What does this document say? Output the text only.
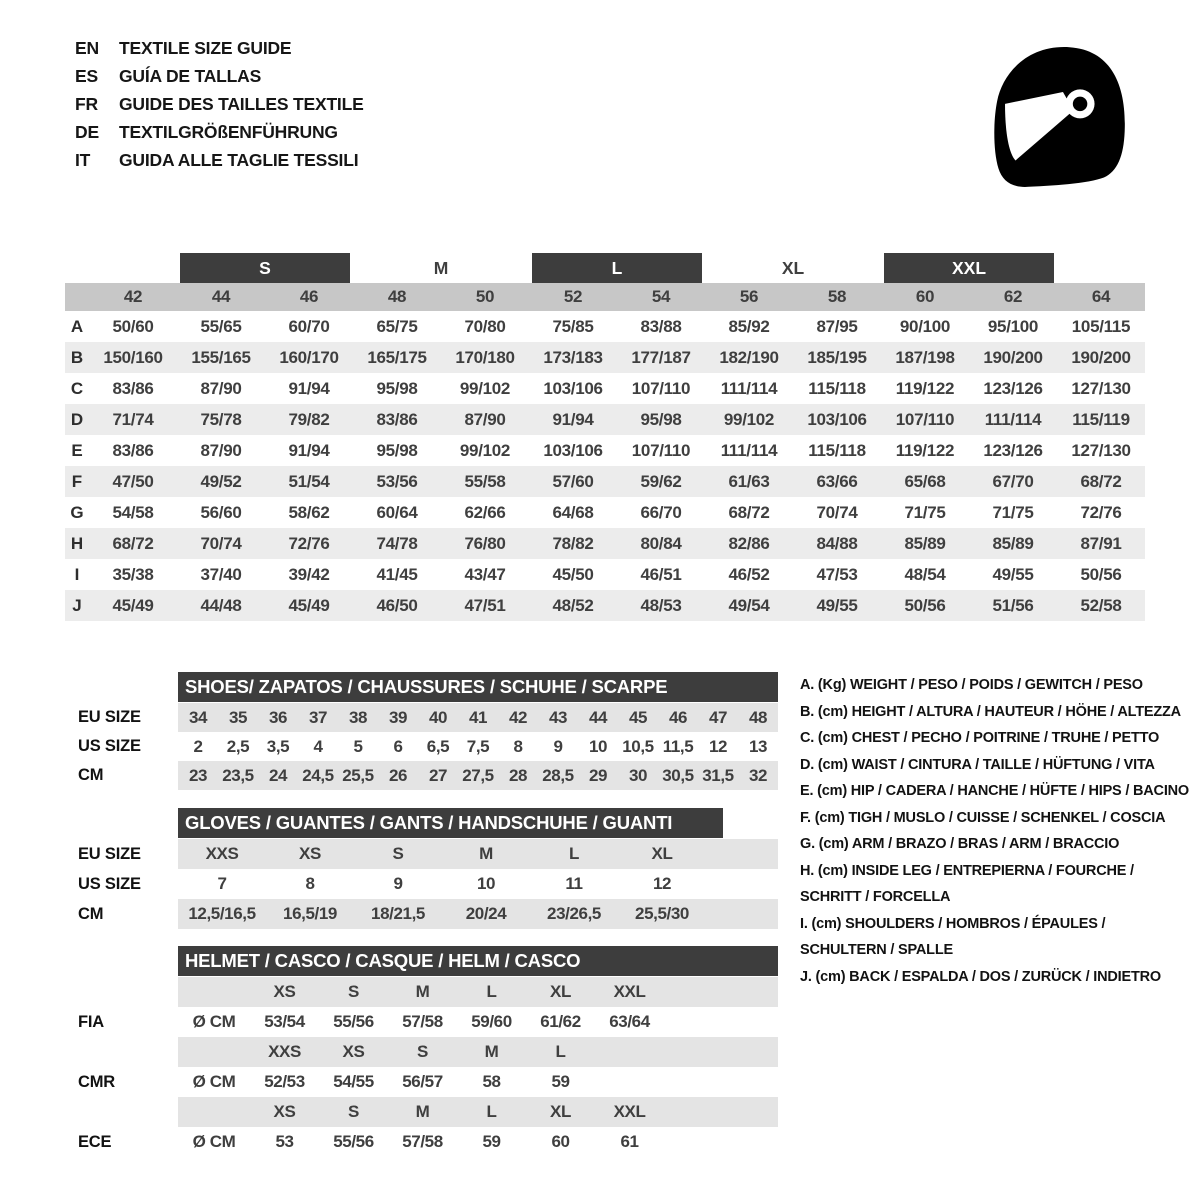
EN	TEXTILE SIZE GUIDE
ES	GUÍA DE TALLAS
FR	GUIDE DES TAILLES TEXTILE
DE	TEXTILGRÖßENFÜHRUNG
IT	GUIDA ALLE TAGLIE TESSILI
S	M	L	XL	XXL
42	44	46	48	50	52	54	56	58	60	62	64
A	50/60	55/65	60/70	65/75	70/80	75/85	83/88	85/92	87/95	90/100	95/100	105/115
B	150/160	155/165	160/170	165/175	170/180	173/183	177/187	182/190	185/195	187/198	190/200	190/200
C	83/86	87/90	91/94	95/98	99/102	103/106	107/110	111/114	115/118	119/122	123/126	127/130
D	71/74	75/78	79/82	83/86	87/90	91/94	95/98	99/102	103/106	107/110	111/114	115/119
E	83/86	87/90	91/94	95/98	99/102	103/106	107/110	111/114	115/118	119/122	123/126	127/130
F	47/50	49/52	51/54	53/56	55/58	57/60	59/62	61/63	63/66	65/68	67/70	68/72
G	54/58	56/60	58/62	60/64	62/66	64/68	66/70	68/72	70/74	71/75	71/75	72/76
H	68/72	70/74	72/76	74/78	76/80	78/82	80/84	82/86	84/88	85/89	85/89	87/91
I	35/38	37/40	39/42	41/45	43/47	45/50	46/51	46/52	47/53	48/54	49/55	50/56
J	45/49	44/48	45/49	46/50	47/51	48/52	48/53	49/54	49/55	50/56	51/56	52/58
SHOES/ ZAPATOS / CHAUSSURES / SCHUHE / SCARPE
EU SIZE	34	35	36	37	38	39	40	41	42	43	44	45	46	47	48
US SIZE	2	2,5	3,5	4	5	6	6,5	7,5	8	9	10 10,5 11,5 12	13
CM	23 23,5 24 24,5 25,5 26	27 27,5 28 28,5 29	30 30,5 31,5 32
GLOVES / GUANTES / GANTS / HANDSCHUHE / GUANTI
EU SIZE	XXS	XS	S	M	L	XL
US SIZE	7	8	9	10	11	12
CM	12,5/16,5	16,5/19	18/21,5	20/24	23/26,5	25,5/30
HELMET / CASCO / CASQUE / HELM / CASCO
XS	S	M	L	XL	XXL
FIA	Ø CM	53/54	55/56	57/58	59/60	61/62	63/64
XXS	XS	S	M	L
CMR	Ø CM	52/53	54/55	56/57	58	59
XS	S	M	L	XL	XXL
ECE	Ø CM	53	55/56	57/58	59	60	61
A. (Kg) WEIGHT / PESO / POIDS / GEWITCH / PESO
B. (cm) HEIGHT / ALTURA / HAUTEUR / HÖHE / ALTEZZA
C. (cm) CHEST / PECHO / POITRINE / TRUHE / PETTO
D. (cm) WAIST / CINTURA / TAILLE / HÜFTUNG / VITA
E. (cm) HIP / CADERA / HANCHE / HÜFTE / HIPS / BACINO
F. (cm) TIGH / MUSLO / CUISSE / SCHENKEL / COSCIA
G. (cm) ARM / BRAZO / BRAS / ARM / BRACCIO
H. (cm) INSIDE LEG / ENTREPIERNA / FOURCHE /
SCHRITT / FORCELLA
I. (cm) SHOULDERS / HOMBROS / ÉPAULES /
SCHULTERN / SPALLE
J. (cm) BACK / ESPALDA / DOS / ZURÜCK / INDIETRO
